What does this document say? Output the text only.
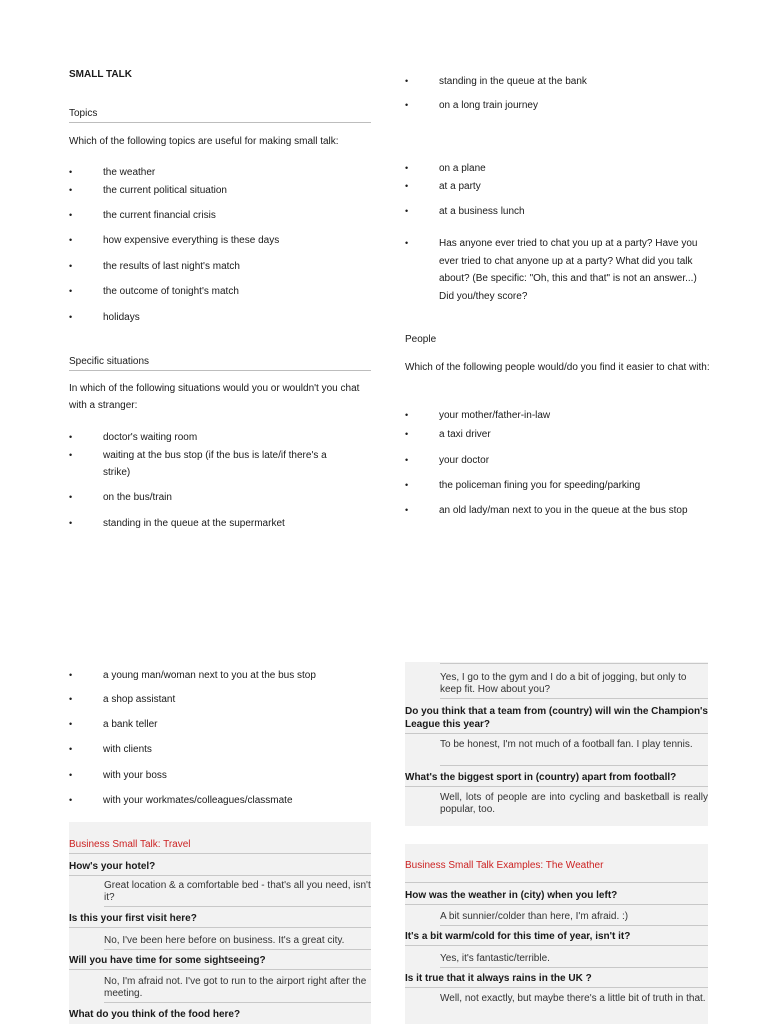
SMALL TALK
Topics
Which of the following topics are useful for making small talk:
•	the weather
•	the current political situation
•	the current financial crisis
•	how expensive everything is these days
•	the results of last night's match
•	the outcome of tonight's match
•	holidays
Specific situations
In which of the following situations would you or wouldn't you chat with a stranger:
•	doctor's waiting room
•	waiting at the bus stop (if the bus is late/if there's a strike)
•	on the bus/train
•	standing in the queue at the supermarket
•	standing in the queue at the bank
•	on a long train journey
•	on a plane
•	at a party
•	at a business lunch
•	Has anyone ever tried to chat you up at a party? Have you ever tried to chat anyone up at a party? What did you talk about? (Be specific: "Oh, this and that" is not an answer...) Did you/they score?
People
Which of the following people would/do you find it easier to chat with:
•	your mother/father-in-law
•	a taxi driver
•	your doctor
•	the policeman fining you for speeding/parking
•	an old lady/man next to you in the queue at the bus stop
•	a young man/woman next to you at the bus stop
•	a shop assistant
•	a bank teller
•	with clients
•	with your boss
•	with your workmates/colleagues/classmate
Business Small Talk: Travel
How's your hotel?
Great location & a comfortable bed - that's all you need, isn't it?
Is this your first visit here?
No, I've been here before on business. It's a great city.
Will you have time for some sightseeing?
No, I'm afraid not. I've got to run to the airport right after the meeting.
What do you think of the food here?
Yes, I go to the gym and I do a bit of jogging, but only to keep fit. How about you?
Do you think that a team from (country) will win the Champion's League this year?
To be honest, I'm not much of a football fan. I play tennis.
What's the biggest sport in (country) apart from football?
Well, lots of people are into cycling and basketball is really popular, too.
Business Small Talk Examples: The Weather
How was the weather in (city) when you left?
A bit sunnier/colder than here, I'm afraid. :)
It's a bit warm/cold for this time of year, isn't it?
Yes, it's fantastic/terrible.
Is it true that it always rains in the UK ?
Well, not exactly, but maybe there's a little bit of truth in that.
